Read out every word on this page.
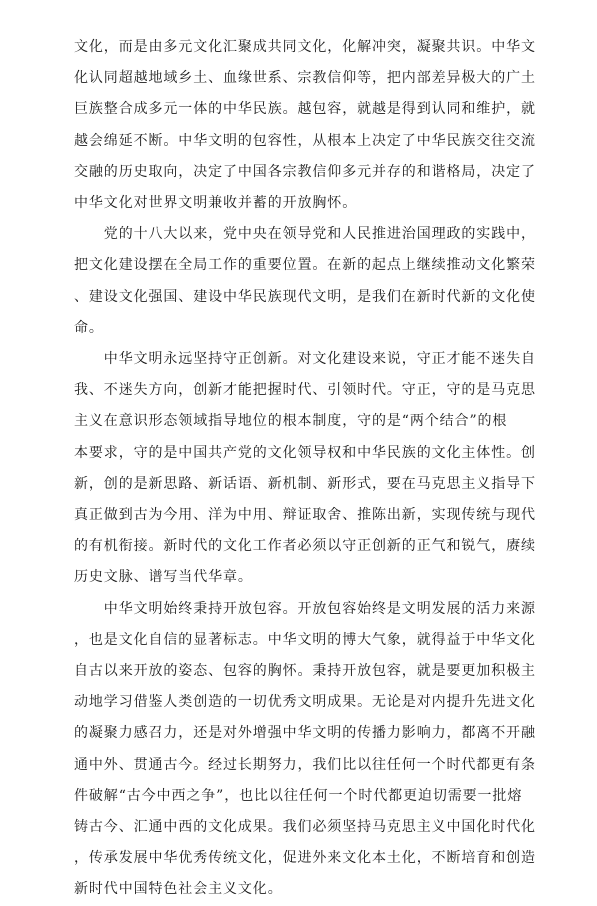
文化，而是由多元文化汇聚成共同文化，化解冲突，凝聚共识。中华文
化认同超越地域乡土、血缘世系、宗教信仰等，把内部差异极大的广土
巨族整合成多元一体的中华民族。越包容，就越是得到认同和维护，就
越会绵延不断。中华文明的包容性，从根本上决定了中华民族交往交流
交融的历史取向，决定了中国各宗教信仰多元并存的和谐格局，决定了
中华文化对世界文明兼收并蓄的开放胸怀。
　　党的十八大以来，党中央在领导党和人民推进治国理政的实践中，
把文化建设摆在全局工作的重要位置。在新的起点上继续推动文化繁荣
、建设文化强国、建设中华民族现代文明，是我们在新时代新的文化使
命。
　　中华文明永远坚持守正创新。对文化建设来说，守正才能不迷失自
我、不迷失方向，创新才能把握时代、引领时代。守正，守的是马克思
主义在意识形态领域指导地位的根本制度，守的是“两个结合”的根
本要求，守的是中国共产党的文化领导权和中华民族的文化主体性。创
新，创的是新思路、新话语、新机制、新形式，要在马克思主义指导下
真正做到古为今用、洋为中用、辩证取舍、推陈出新，实现传统与现代
的有机衔接。新时代的文化工作者必须以守正创新的正气和锐气，赓续
历史文脉、谱写当代华章。
　　中华文明始终秉持开放包容。开放包容始终是文明发展的活力来源
，也是文化自信的显著标志。中华文明的博大气象，就得益于中华文化
自古以来开放的姿态、包容的胸怀。秉持开放包容，就是要更加积极主
动地学习借鉴人类创造的一切优秀文明成果。无论是对内提升先进文化
的凝聚力感召力，还是对外增强中华文明的传播力影响力，都离不开融
通中外、贯通古今。经过长期努力，我们比以往任何一个时代都更有条
件破解“古今中西之争”，也比以往任何一个时代都更迫切需要一批熔
铸古今、汇通中西的文化成果。我们必须坚持马克思主义中国化时代化
，传承发展中华优秀传统文化，促进外来文化本土化，不断培育和创造
新时代中国特色社会主义文化。
